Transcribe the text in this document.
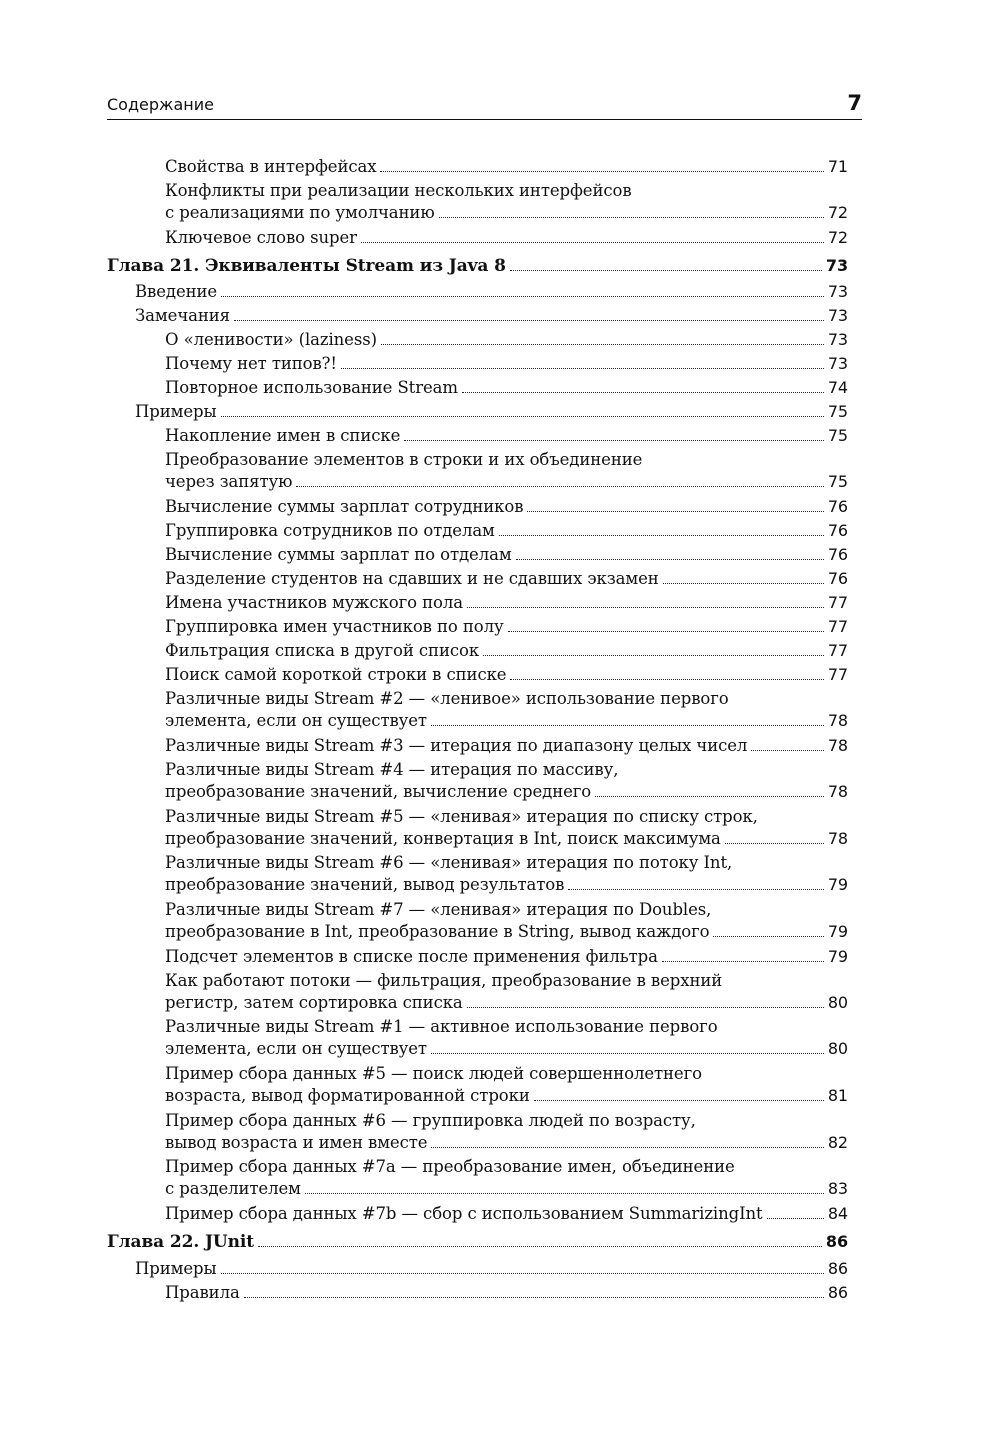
Содержание	7
Свойства в интерфейсах	71
Конфликты при реализации нескольких интерфейсов
с реализациями по умолчанию	72
Ключевое слово super	72
Глава 21. Эквиваленты Stream из Java 8	73
Введение	73
Замечания	73
О «ленивости» (laziness)	73
Почему нет типов?!	73
Повторное использование Stream	74
Примеры	75
Накопление имен в списке	75
Преобразование элементов в строки и их объединение
через запятую	75
Вычисление суммы зарплат сотрудников	76
Группировка сотрудников по отделам	76
Вычисление суммы зарплат по отделам	76
Разделение студентов на сдавших и не сдавших экзамен	76
Имена участников мужского пола	77
Группировка имен участников по полу	77
Фильтрация списка в другой список	77
Поиск самой короткой строки в списке	77
Различные виды Stream #2 — «ленивое» использование первого
элемента, если он существует	78
Различные виды Stream #3 — итерация по диапазону целых чисел	78
Различные виды Stream #4 — итерация по массиву,
преобразование значений, вычисление среднего	78
Различные виды Stream #5 — «ленивая» итерация по списку строк,
преобразование значений, конвертация в Int, поиск максимума	78
Различные виды Stream #6 — «ленивая» итерация по потоку Int,
преобразование значений, вывод результатов	79
Различные виды Stream #7 — «ленивая» итерация по Doubles,
преобразование в Int, преобразование в String, вывод каждого	79
Подсчет элементов в списке после применения фильтра	79
Как работают потоки — фильтрация, преобразование в верхний
регистр, затем сортировка списка	80
Различные виды Stream #1 — активное использование первого
элемента, если он существует	80
Пример сбора данных #5 — поиск людей совершеннолетнего
возраста, вывод форматированной строки	81
Пример сбора данных #6 — группировка людей по возрасту,
вывод возраста и имен вместе	82
Пример сбора данных #7a — преобразование имен, объединение
с разделителем	83
Пример сбора данных #7b — сбор с использованием SummarizingInt	84
Глава 22. JUnit	86
Примеры	86
Правила	86
